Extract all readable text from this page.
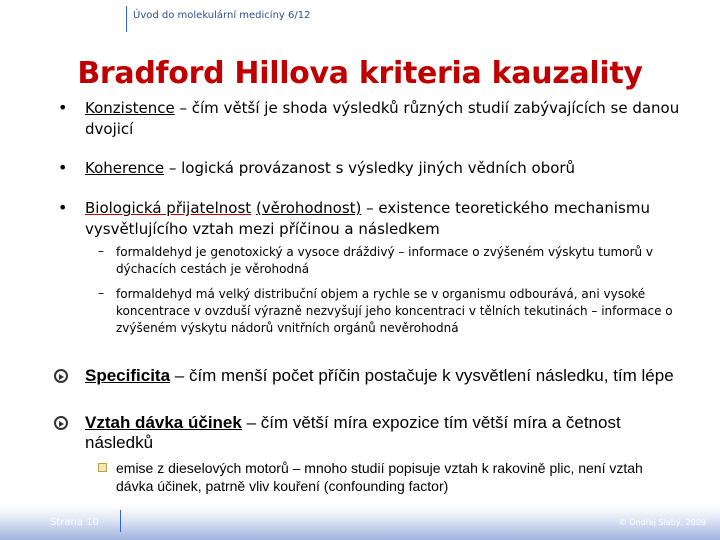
Úvod do molekulární medicíny 6/12
Bradford Hillova kriteria kauzality
• Konzistence – čím větší je shoda výsledků různých studií zabývajících se danou dvojicí
• Koherence – logická provázanost s výsledky jiných vědních oborů
• Biologická přijatelnost (věrohodnost) – existence teoretického mechanismu vysvětlujícího vztah mezi příčinou a následkem
– formaldehyd je genotoxický a vysoce dráždivý – informace o zvýšeném výskytu tumorů v dýchacích cestách je věrohodná
– formaldehyd má velký distribuční objem a rychle se v organismu odbourává, ani vysoké koncentrace v ovzduší výrazně nezvyšují jeho koncentraci v tělních tekutinách – informace o zvýšeném výskytu nádorů vnitřních orgánů nevěrohodná
Specificita – čím menší počet příčin postačuje k vysvětlení následku, tím lépe
Vztah dávka účinek – čím větší míra expozice tím větší míra a četnost následků
emise z dieselových motorů – mnoho studií popisuje vztah k rakovině plic, není vztah dávka účinek, patrně vliv kouření (confounding factor)
Strana 10	© Ondřej Slabý, 2009
